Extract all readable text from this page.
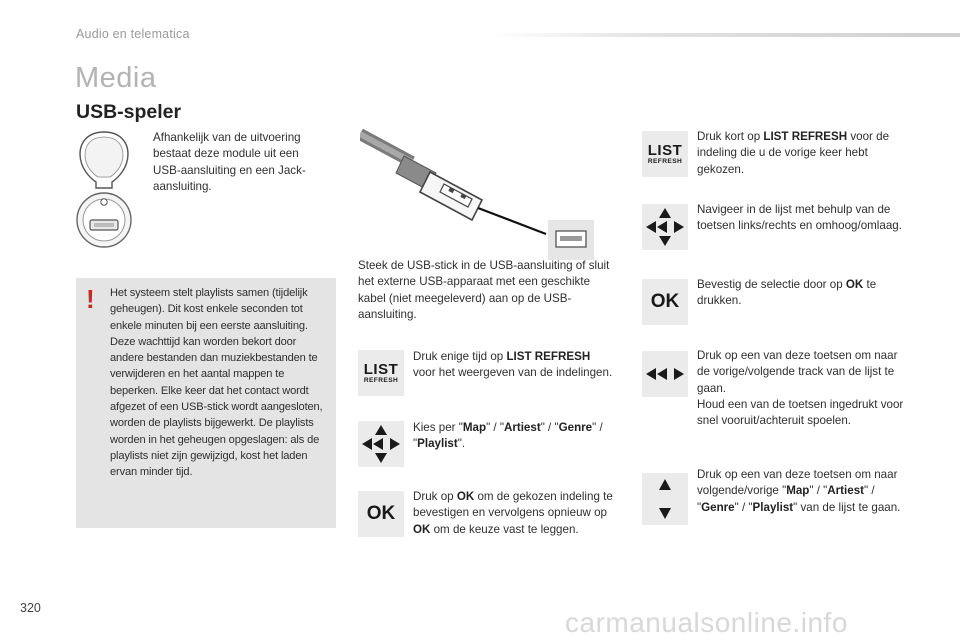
Audio en telematica
Media
USB-speler
Afhankelijk van de uitvoering bestaat deze module uit een USB-aansluiting en een Jack-aansluiting.
! Het systeem stelt playlists samen (tijdelijk geheugen). Dit kost enkele seconden tot enkele minuten bij een eerste aansluiting. Deze wachttijd kan worden bekort door andere bestanden dan muziekbestanden te verwijderen en het aantal mappen te beperken. Elke keer dat het contact wordt afgezet of een USB-stick wordt aangesloten, worden de playlists bijgewerkt. De playlists worden in het geheugen opgeslagen: als de playlists niet zijn gewijzigd, kost het laden ervan minder tijd.
Steek de USB-stick in de USB-aansluiting of sluit het externe USB-apparaat met een geschikte kabel (niet meegeleverd) aan op de USB-aansluiting.
LIST
REFRESH
Druk enige tijd op LIST REFRESH voor het weergeven van de indelingen.
Kies per "Map" / "Artiest" / "Genre" / "Playlist".
OK
Druk op OK om de gekozen indeling te bevestigen en vervolgens opnieuw op OK om de keuze vast te leggen.
LIST
REFRESH
Druk kort op LIST REFRESH voor de indeling die u de vorige keer hebt gekozen.
Navigeer in de lijst met behulp van de toetsen links/rechts en omhoog/omlaag.
OK
Bevestig de selectie door op OK te drukken.
Druk op een van deze toetsen om naar de vorige/volgende track van de lijst te gaan.
Houd een van de toetsen ingedrukt voor snel vooruit/achteruit spoelen.
Druk op een van deze toetsen om naar volgende/vorige "Map" / "Artiest" / "Genre" / "Playlist" van de lijst te gaan.
320	carmanualsonline.info
